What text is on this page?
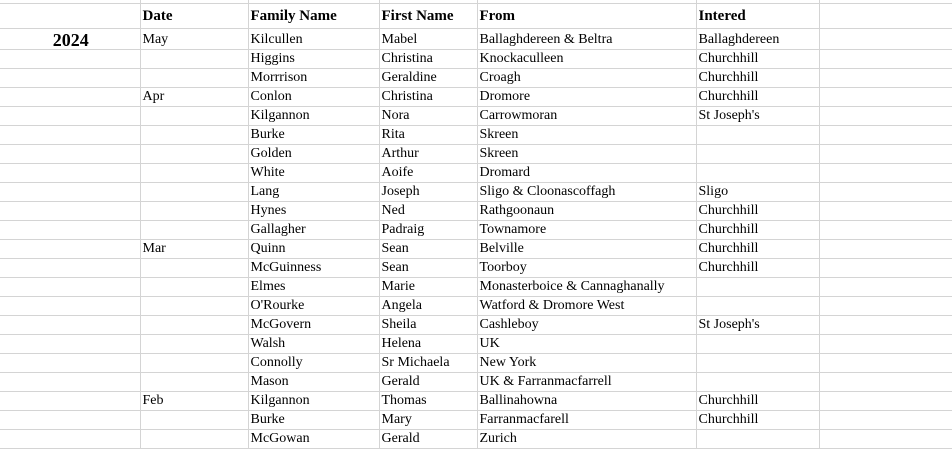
	Date	Family Name	First Name	From	Intered	
2024	May	Kilcullen	Mabel	Ballaghdereen & Beltra	Ballaghdereen	
		Higgins	Christina	Knockaculleen	Churchhill	
		Morrrison	Geraldine	Croagh	Churchhill	
	Apr	Conlon	Christina	Dromore	Churchhill	
		Kilgannon	Nora	Carrowmoran	St Joseph's	
		Burke	Rita	Skreen		
		Golden	Arthur	Skreen		
		White	Aoife	Dromard		
		Lang	Joseph	Sligo & Cloonascoffagh	Sligo	
		Hynes	Ned	Rathgoonaun	Churchhill	
		Gallagher	Padraig	Townamore	Churchhill	
	Mar	Quinn	Sean	Belville	Churchhill	
		McGuinness	Sean	Toorboy	Churchhill	
		Elmes	Marie	Monasterboice & Cannaghanally		
		O'Rourke	Angela	Watford & Dromore West		
		McGovern	Sheila	Cashleboy	St Joseph's	
		Walsh	Helena	UK		
		Connolly	Sr Michaela	New York		
		Mason	Gerald	UK & Farranmacfarrell		
	Feb	Kilgannon	Thomas	Ballinahowna	Churchhill	
		Burke	Mary	Farranmacfarell	Churchhill	
		McGowan	Gerald	Zurich		
